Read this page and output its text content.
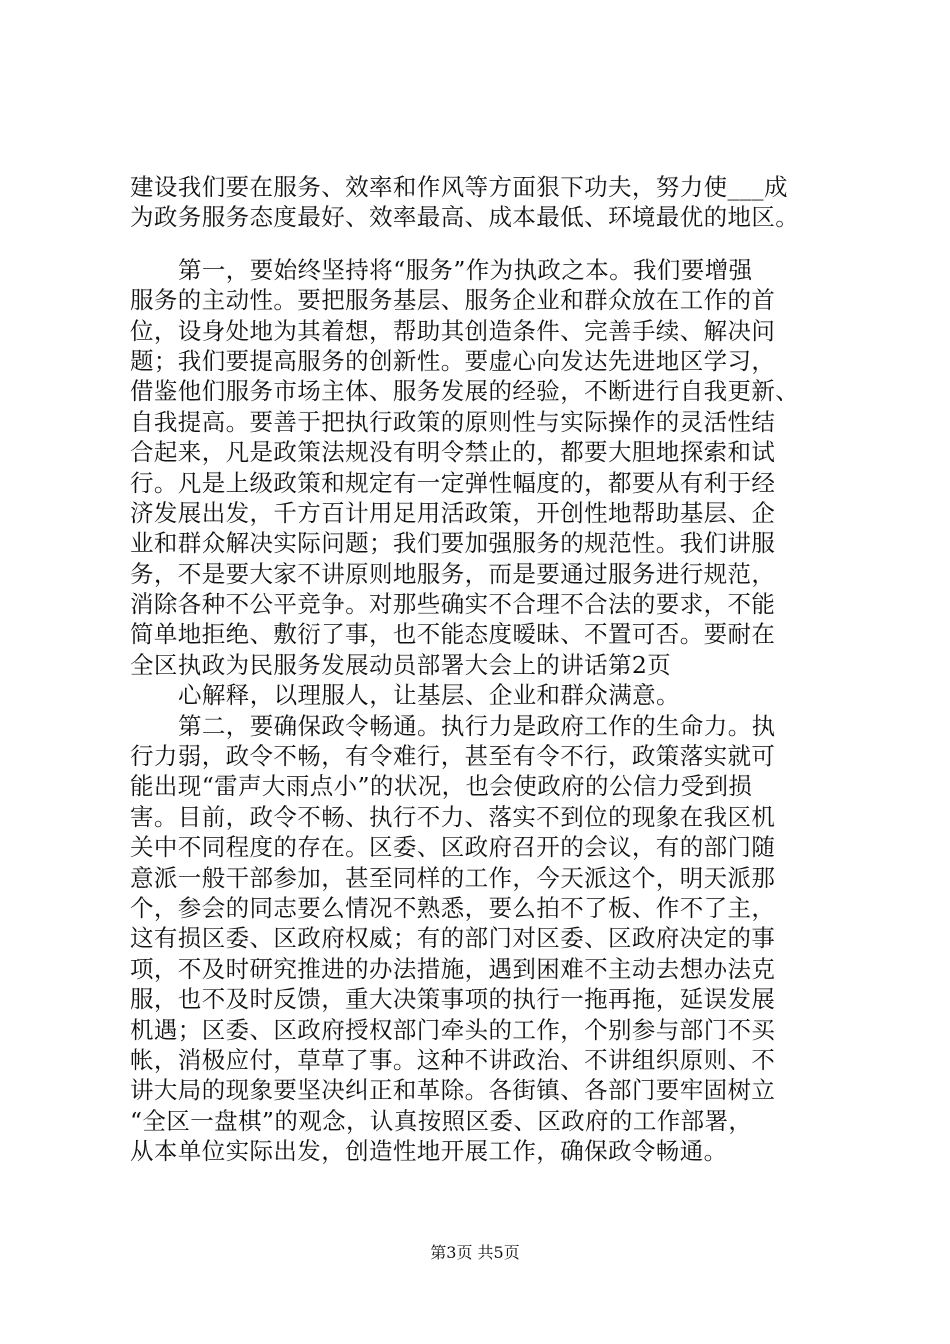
建设我们要在服务、效率和作风等方面狠下功夫，努力使___成
为政务服务态度最好、效率最高、成本最低、环境最优的地区。
第一，要始终坚持将“服务”作为执政之本。我们要增强
服务的主动性。要把服务基层、服务企业和群众放在工作的首
位，设身处地为其着想，帮助其创造条件、完善手续、解决问
题；我们要提高服务的创新性。要虚心向发达先进地区学习，
借鉴他们服务市场主体、服务发展的经验，不断进行自我更新、
自我提高。要善于把执行政策的原则性与实际操作的灵活性结
合起来，凡是政策法规没有明令禁止的，都要大胆地探索和试
行。凡是上级政策和规定有一定弹性幅度的，都要从有利于经
济发展出发，千方百计用足用活政策，开创性地帮助基层、企
业和群众解决实际问题；我们要加强服务的规范性。我们讲服
务，不是要大家不讲原则地服务，而是要通过服务进行规范，
消除各种不公平竞争。对那些确实不合理不合法的要求，不能
简单地拒绝、敷衍了事，也不能态度暧昧、不置可否。要耐在
全区执政为民服务发展动员部署大会上的讲话第2页
心解释，以理服人，让基层、企业和群众满意。
第二，要确保政令畅通。执行力是政府工作的生命力。执
行力弱，政令不畅，有令难行，甚至有令不行，政策落实就可
能出现“雷声大雨点小”的状况，也会使政府的公信力受到损
害。目前，政令不畅、执行不力、落实不到位的现象在我区机
关中不同程度的存在。区委、区政府召开的会议，有的部门随
意派一般干部参加，甚至同样的工作，今天派这个，明天派那
个，参会的同志要么情况不熟悉，要么拍不了板、作不了主，
这有损区委、区政府权威；有的部门对区委、区政府决定的事
项，不及时研究推进的办法措施，遇到困难不主动去想办法克
服，也不及时反馈，重大决策事项的执行一拖再拖，延误发展
机遇；区委、区政府授权部门牵头的工作，个别参与部门不买
帐，消极应付，草草了事。这种不讲政治、不讲组织原则、不
讲大局的现象要坚决纠正和革除。各街镇、各部门要牢固树立
“全区一盘棋”的观念，认真按照区委、区政府的工作部署，
从本单位实际出发，创造性地开展工作，确保政令畅通。
第3页 共5页
